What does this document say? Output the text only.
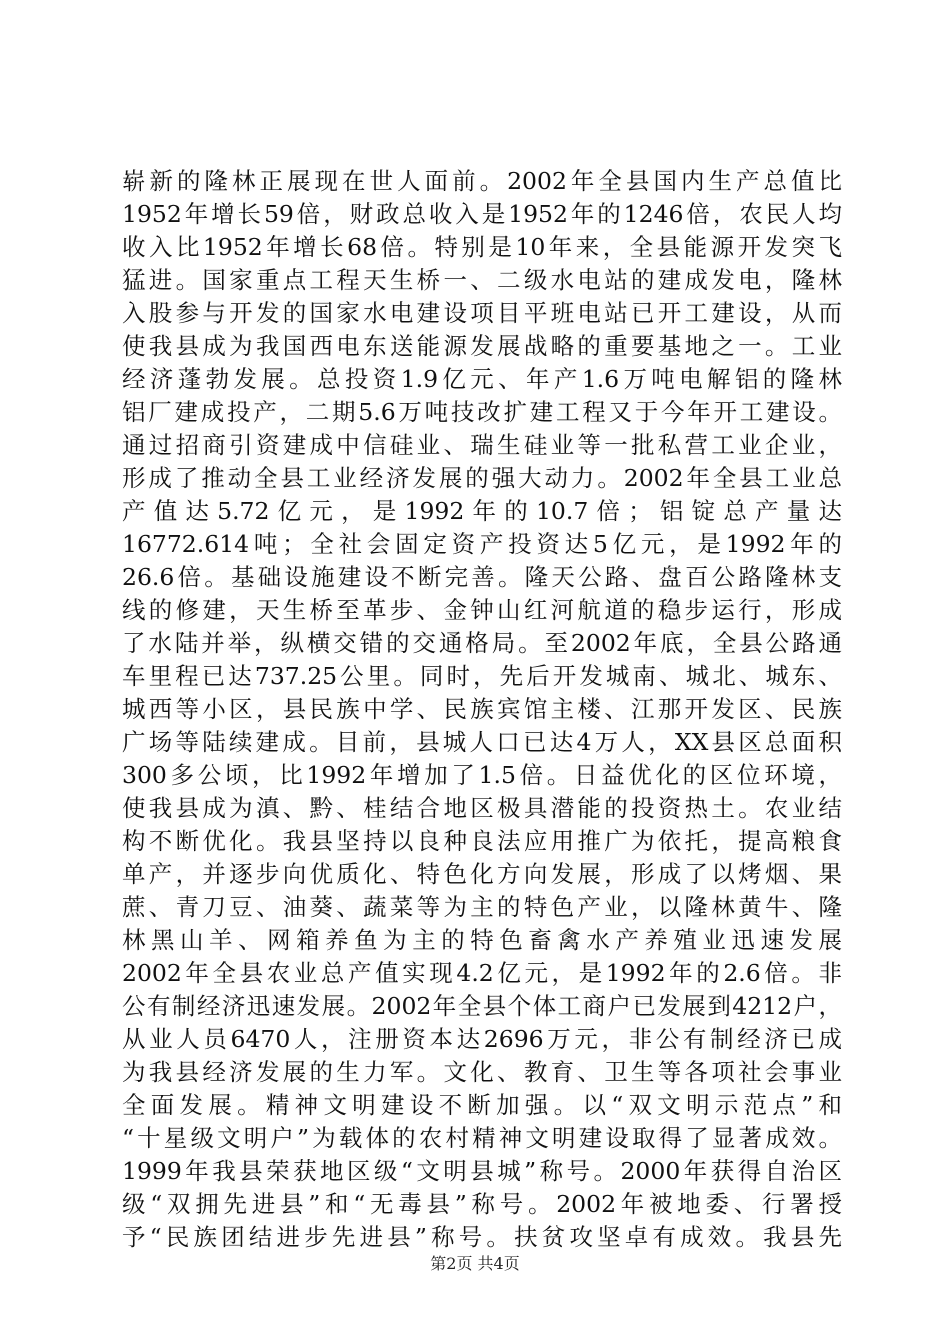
崭新的隆林正展现在世人面前。2002年全县国内生产总值比
1952年增长59倍，财政总收入是1952年的1246倍，农民人均
收入比1952年增长68倍。特别是10年来，全县能源开发突飞
猛进。国家重点工程天生桥一、二级水电站的建成发电，隆林
入股参与开发的国家水电建设项目平班电站已开工建设，从而
使我县成为我国西电东送能源发展战略的重要基地之一。工业
经济蓬勃发展。总投资1.9亿元、年产1.6万吨电解铝的隆林
铝厂建成投产，二期5.6万吨技改扩建工程又于今年开工建设。
通过招商引资建成中信硅业、瑞生硅业等一批私营工业企业，
形成了推动全县工业经济发展的强大动力。2002年全县工业总
产值达5.72亿元，是1992年的10.7倍；铝锭总产量达
16772.614吨；全社会固定资产投资达5亿元，是1992年的
26.6倍。基础设施建设不断完善。隆天公路、盘百公路隆林支
线的修建，天生桥至革步、金钟山红河航道的稳步运行，形成
了水陆并举，纵横交错的交通格局。至2002年底，全县公路通
车里程已达737.25公里。同时，先后开发城南、城北、城东、
城西等小区，县民族中学、民族宾馆主楼、江那开发区、民族
广场等陆续建成。目前，县城人口已达4万人，XX县区总面积
300多公顷，比1992年增加了1.5倍。日益优化的区位环境，
使我县成为滇、黔、桂结合地区极具潜能的投资热土。农业结
构不断优化。我县坚持以良种良法应用推广为依托，提高粮食
单产，并逐步向优质化、特色化方向发展，形成了以烤烟、果
蔗、青刀豆、油葵、蔬菜等为主的特色产业，以隆林黄牛、隆
林黑山羊、网箱养鱼为主的特色畜禽水产养殖业迅速发展
2002年全县农业总产值实现4.2亿元，是1992年的2.6倍。非
公有制经济迅速发展。2002年全县个体工商户已发展到4212户，
从业人员6470人，注册资本达2696万元，非公有制经济已成
为我县经济发展的生力军。文化、教育、卫生等各项社会事业
全面发展。精神文明建设不断加强。以“双文明示范点”和
“十星级文明户”为载体的农村精神文明建设取得了显著成效。
1999年我县荣获地区级“文明县城”称号。2000年获得自治区
级“双拥先进县”和“无毒县”称号。2002年被地委、行署授
予“民族团结进步先进县”称号。扶贫攻坚卓有成效。我县先
第2页 共4页
